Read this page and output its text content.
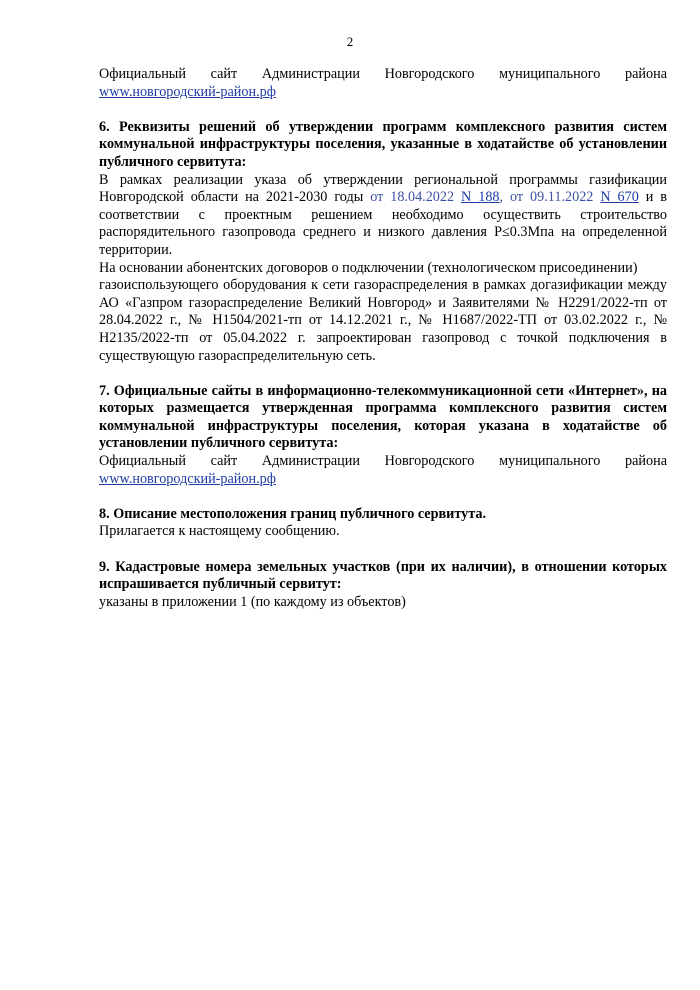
2

Официальный сайт Администрации Новгородского муниципального района

www.новгородский-район.рф

6. Реквизиты решений об утверждении программ комплексного развития систем коммунальной инфраструктуры поселения, указанные в ходатайстве об установлении публичного сервитута:

В рамках реализации указа об утверждении региональной программы газификации Новгородской области на 2021-2030 годы от 18.04.2022 N 188, от 09.11.2022 N 670 и в соответствии с проектным решением необходимо осуществить строительство распорядительного газопровода среднего и низкого давления P≤0.3Мпа на определенной территории.

На основании абонентских договоров о подключении (технологическом присоединении)

газоиспользующего оборудования к сети газораспределения в рамках догазификации между АО «Газпром газораспределение Великий Новгород» и Заявителями № Н2291/2022-тп от 28.04.2022 г., № Н1504/2021-тп от 14.12.2021 г., № Н1687/2022-ТП от 03.02.2022 г., № Н2135/2022-тп от 05.04.2022 г. запроектирован газопровод с точкой подключения в существующую газораспределительную сеть.

7. Официальные сайты в информационно-телекоммуникационной сети «Интернет», на которых размещается утвержденная программа комплексного развития систем коммунальной инфраструктуры поселения, которая указана в ходатайстве об установлении публичного сервитута:

Официальный сайт Администрации Новгородского муниципального района

www.новгородский-район.рф

8. Описание местоположения границ публичного сервитута.

Прилагается к настоящему сообщению.

9. Кадастровые номера земельных участков (при их наличии), в отношении которых испрашивается публичный сервитут:

указаны в приложении 1 (по каждому из объектов)
